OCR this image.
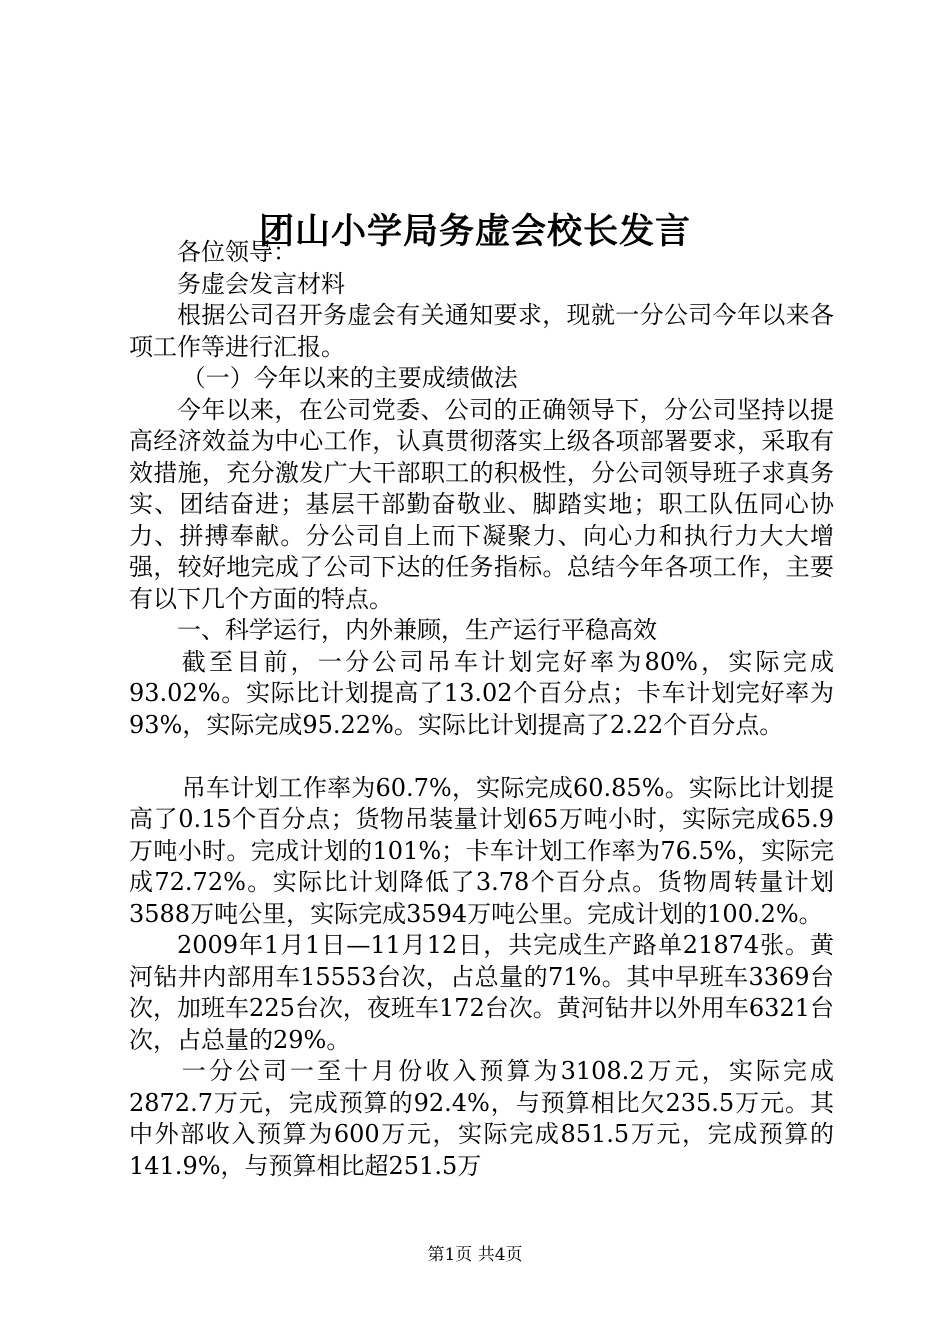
团山小学局务虚会校长发言

各位领导：

务虚会发言材料

根据公司召开务虚会有关通知要求，现就一分公司今年以来各项工作等进行汇报。

（一）今年以来的主要成绩做法

今年以来，在公司党委、公司的正确领导下，分公司坚持以提高经济效益为中心工作，认真贯彻落实上级各项部署要求，采取有效措施，充分激发广大干部职工的积极性，分公司领导班子求真务实、团结奋进；基层干部勤奋敬业、脚踏实地；职工队伍同心协力、拼搏奉献。分公司自上而下凝聚力、向心力和执行力大大增强，较好地完成了公司下达的任务指标。总结今年各项工作，主要有以下几个方面的特点。

一、科学运行，内外兼顾，生产运行平稳高效

截至目前，一分公司吊车计划完好率为80%，实际完成93.02%。实际比计划提高了13.02个百分点；卡车计划完好率为93%，实际完成95.22%。实际比计划提高了2.22个百分点。

吊车计划工作率为60.7%，实际完成60.85%。实际比计划提高了0.15个百分点；货物吊装量计划65万吨小时，实际完成65.9万吨小时。完成计划的101%；卡车计划工作率为76.5%，实际完成72.72%。实际比计划降低了3.78个百分点。货物周转量计划3588万吨公里，实际完成3594万吨公里。完成计划的100.2%。

2009年1月1日—11月12日，共完成生产路单21874张。黄河钻井内部用车15553台次，占总量的71%。其中早班车3369台次，加班车225台次，夜班车172台次。黄河钻井以外用车6321台次，占总量的29%。

一分公司一至十月份收入预算为3108.2万元，实际完成2872.7万元，完成预算的92.4%，与预算相比欠235.5万元。其中外部收入预算为600万元，实际完成851.5万元，完成预算的141.9%，与预算相比超251.5万

第1页 共4页
